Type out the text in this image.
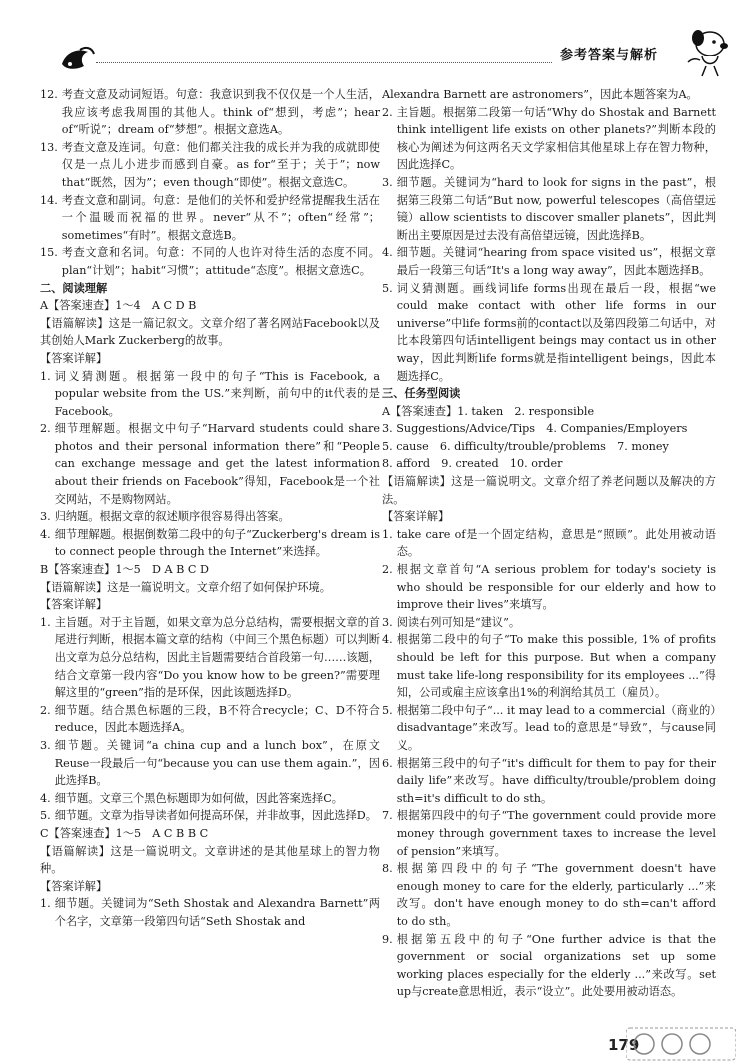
参考答案与解析
12. 考查文意及动词短语。句意：我意识到我不仅仅是一个人生活，我应该考虑我周围的其他人。think of“想到，考虑”；hear of“听说”；dream of“梦想”。根据文意选A。
13. 考查文意及连词。句意：他们都关注我的成长并为我的成就即使仅是一点儿小进步而感到自豪。as for“至于；关于”；now that“既然，因为”；even though“即使”。根据文意选C。
14. 考查文意和副词。句意：是他们的关怀和爱护经常提醒我生活在一个温暖而祝福的世界。never“从不”；often“经常”；sometimes“有时”。根据文意选B。
15. 考查文意和名词。句意：不同的人也许对待生活的态度不同。plan“计划”；habit“习惯”；attitude“态度”。根据文意选C。
二、阅读理解
A【答案速查】1～4　A C D B
【语篇解读】这是一篇记叙文。文章介绍了著名网站Facebook以及其创始人Mark Zuckerberg的故事。
【答案详解】
1. 词义猜测题。根据第一段中的句子“This is Facebook, a popular website from the US.”来判断，前句中的it代表的是Facebook。
2. 细节理解题。根据文中句子“Harvard students could share photos and their personal information there”和“People can exchange message and get the latest information about their friends on Facebook”得知，Facebook是一个社交网站，不是购物网站。
3. 归纳题。根据文章的叙述顺序很容易得出答案。
4. 细节理解题。根据倒数第二段中的句子“Zuckerberg's dream is to connect people through the Internet”来选择。
B【答案速查】1～5　D A B C D
【语篇解读】这是一篇说明文。文章介绍了如何保护环境。
【答案详解】
1. 主旨题。对于主旨题，如果文章为总分总结构，需要根据文章的首尾进行判断，根据本篇文章的结构（中间三个黑色标题）可以判断出文章为总分总结构，因此主旨题需要结合首段第一句……该题，结合文章第一段内容“Do you know how to be green?”需要理解这里的“green”指的是环保，因此该题选择D。
2. 细节题。结合黑色标题的三段，B不符合recycle；C、D不符合reduce，因此本题选择A。
3. 细节题。关键词“a china cup and a lunch box”，在原文Reuse一段最后一句“because you can use them again.”，因此选择B。
4. 细节题。文章三个黑色标题即为如何做，因此答案选择C。
5. 细节题。文章为指导读者如何提高环保，并非故事，因此选择D。
C【答案速查】1～5　A C B B C
【语篇解读】这是一篇说明文。文章讲述的是其他星球上的智力物种。
【答案详解】
1. 细节题。关键词为“Seth Shostak and Alexandra Barnett”两个名字，文章第一段第四句话“Seth Shostak and
Alexandra Barnett are astronomers”，因此本题答案为A。
2. 主旨题。根据第二段第一句话“Why do Shostak and Barnett think intelligent life exists on other planets?”判断本段的核心为阐述为何这两名天文学家相信其他星球上存在智力物种，因此选择C。
3. 细节题。关键词为“hard to look for signs in the past”，根据第三段第二句话“But now, powerful telescopes（高倍望远镜）allow scientists to discover smaller planets”，因此判断出主要原因是过去没有高倍望远镜，因此选择B。
4. 细节题。关键词“hearing from space visited us”，根据文章最后一段第三句话“It's a long way away”，因此本题选择B。
5. 词义猜测题。画线词life forms出现在最后一段，根据“we could make contact with other life forms in our universe”中life forms前的contact以及第四段第二句话中，对比本段第四句话intelligent beings may contact us in other way，因此判断life forms就是指intelligent beings，因此本题选择C。
三、任务型阅读
A【答案速查】1. taken　2. responsible
3. Suggestions/Advice/Tips　4. Companies/Employers
5. cause　6. difficulty/trouble/problems　7. money
8. afford　9. created　10. order
【语篇解读】这是一篇说明文。文章介绍了养老问题以及解决的方法。
【答案详解】
1. take care of是一个固定结构，意思是“照顾”。此处用被动语态。
2. 根据文章首句“A serious problem for today's society is who should be responsible for our elderly and how to improve their lives”来填写。
3. 阅读右列可知是“建议”。
4. 根据第二段中的句子“To make this possible, 1% of profits should be left for this purpose. But when a company must take life-long responsibility for its employees ...”得知，公司或雇主应该拿出1%的利润给其员工（雇员）。
5. 根据第二段中句子“... it may lead to a commercial（商业的）disadvantage”来改写。lead to的意思是“导致”，与cause同义。
6. 根据第三段中的句子“it's difficult for them to pay for their daily life”来改写。have difficulty/trouble/problem doing sth=it's difficult to do sth。
7. 根据第四段中的句子“The government could provide more money through government taxes to increase the level of pension”来填写。
8. 根据第四段中的句子“The government doesn't have enough money to care for the elderly, particularly ...”来改写。don't have enough money to do sth=can't afford to do sth。
9. 根据第五段中的句子“One further advice is that the government or social organizations set up some working places especially for the elderly ...”来改写。set up与create意思相近，表示“设立”。此处要用被动语态。
179
